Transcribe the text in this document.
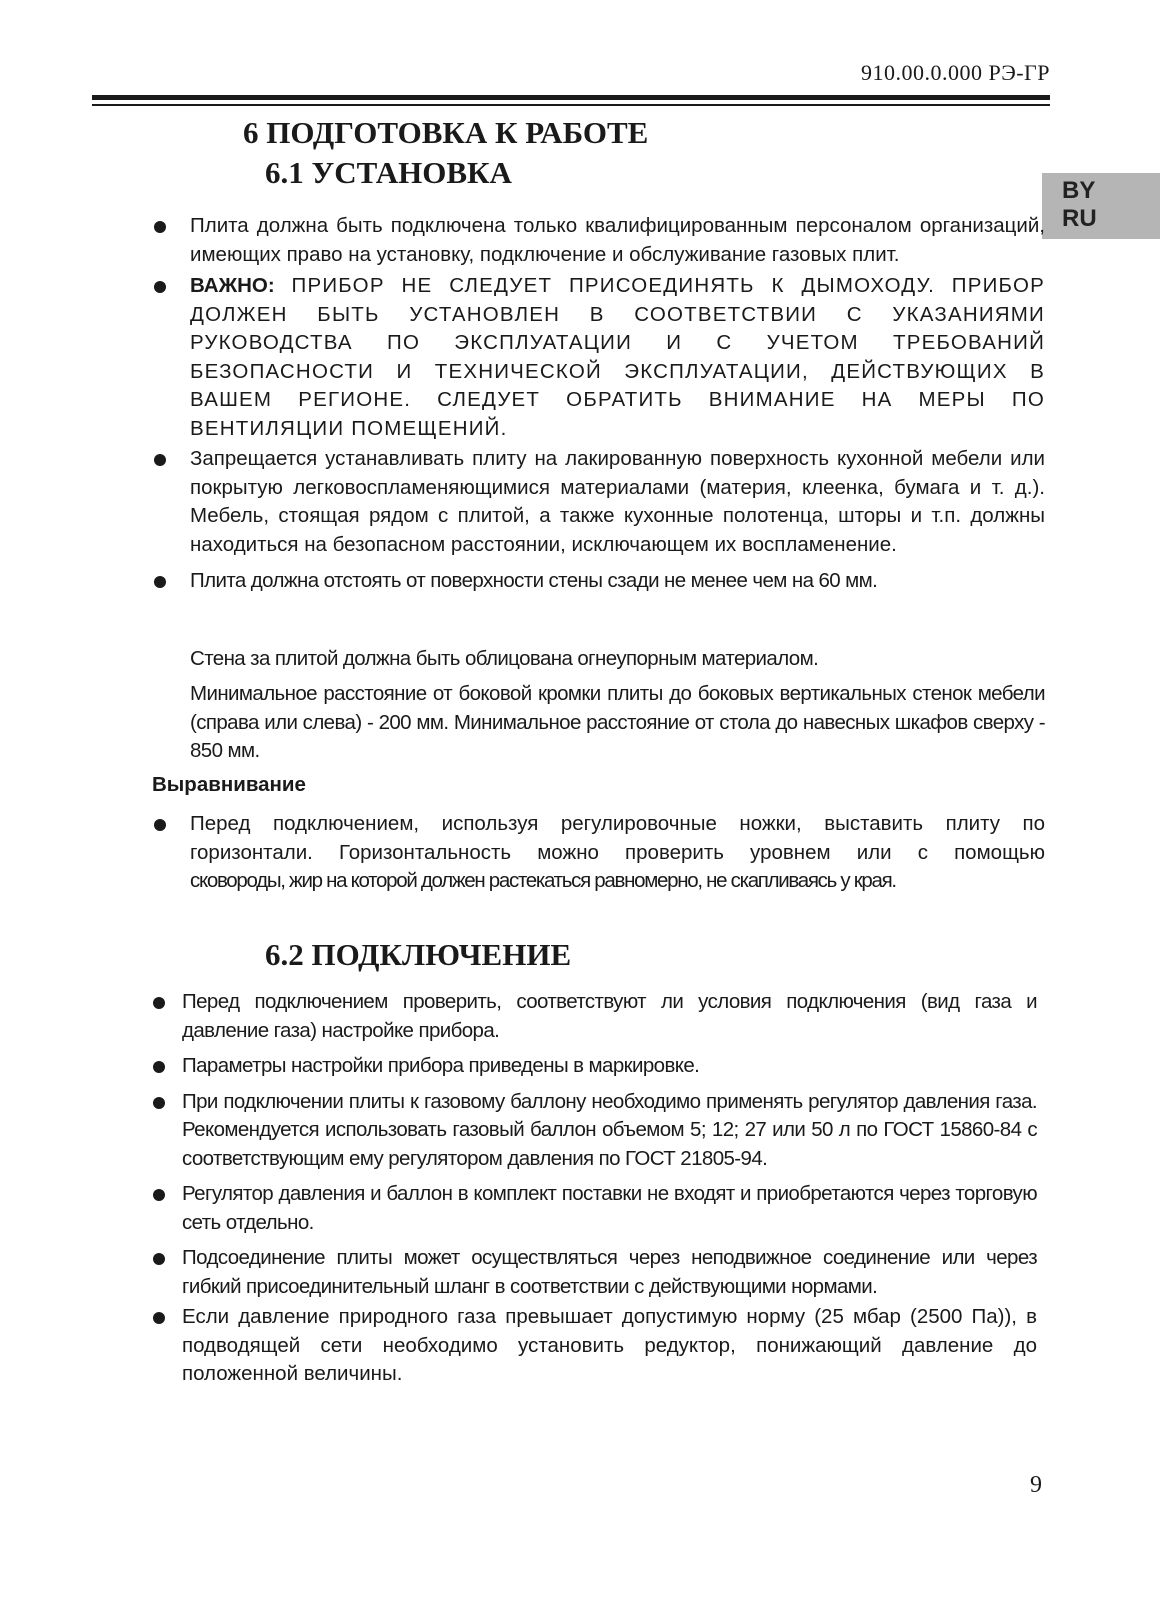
910.00.0.000 РЭ-ГР
BY
RU
6 ПОДГОТОВКА К РАБОТЕ
6.1 УСТАНОВКА
Плита должна быть подключена только квалифицированным персоналом организаций, имеющих право на установку, подключение и обслуживание газовых плит.
ВАЖНО: ПРИБОР НЕ СЛЕДУЕТ ПРИСОЕДИНЯТЬ К ДЫМОХОДУ. ПРИБОР ДОЛЖЕН БЫТЬ УСТАНОВЛЕН В СООТВЕТСТВИИ С УКАЗАНИЯМИ РУКОВОДСТВА ПО ЭКСПЛУАТАЦИИ И С УЧЕТОМ ТРЕБОВАНИЙ БЕЗОПАСНОСТИ И ТЕХНИЧЕСКОЙ ЭКСПЛУАТАЦИИ, ДЕЙСТВУЮЩИХ В ВАШЕМ РЕГИОНЕ. СЛЕДУЕТ ОБРАТИТЬ ВНИМАНИЕ НА МЕРЫ ПО ВЕНТИЛЯЦИИ ПОМЕЩЕНИЙ.
Запрещается устанавливать плиту на лакированную поверхность кухонной мебели или покрытую легковоспламеняющимися материалами (материя, клеенка, бумага и т. д.). Мебель, стоящая рядом с плитой, а также кухонные полотенца, шторы и т.п. должны находиться на безопасном расстоянии, исключающем их воспламенение.
Плита должна отстоять от поверхности стены сзади не менее чем на 60 мм.

Стена за плитой должна быть облицована огнеупорным материалом.

Минимальное расстояние от боковой кромки плиты до боковых вертикальных стенок мебели (справа или слева) - 200 мм. Минимальное расстояние от стола до навесных шкафов сверху - 850 мм.

Выравнивание
Перед подключением, используя регулировочные ножки, выставить плиту по горизонтали. Горизонтальность можно проверить уровнем или с помощью сковороды, жир на которой должен растекаться равномерно, не скапливаясь у края.
6.2 ПОДКЛЮЧЕНИЕ
Перед подключением проверить, соответствуют ли условия подключения (вид газа и давление газа) настройке прибора.
Параметры настройки прибора приведены в маркировке.
При подключении плиты к газовому баллону необходимо применять регулятор давления газа. Рекомендуется использовать газовый баллон объемом 5; 12; 27 или 50 л по ГОСТ 15860-84 с соответствующим ему регулятором давления по ГОСТ 21805-94.
Регулятор давления и баллон в комплект поставки не входят и приобретаются через торговую сеть отдельно.
Подсоединение плиты может осуществляться через неподвижное соединение или через гибкий присоединительный шланг в соответствии с действующими нормами.
Если давление природного газа превышает допустимую норму (25 мбар (2500 Па)), в подводящей сети необходимо установить редуктор, понижающий давление до положенной величины.
9
